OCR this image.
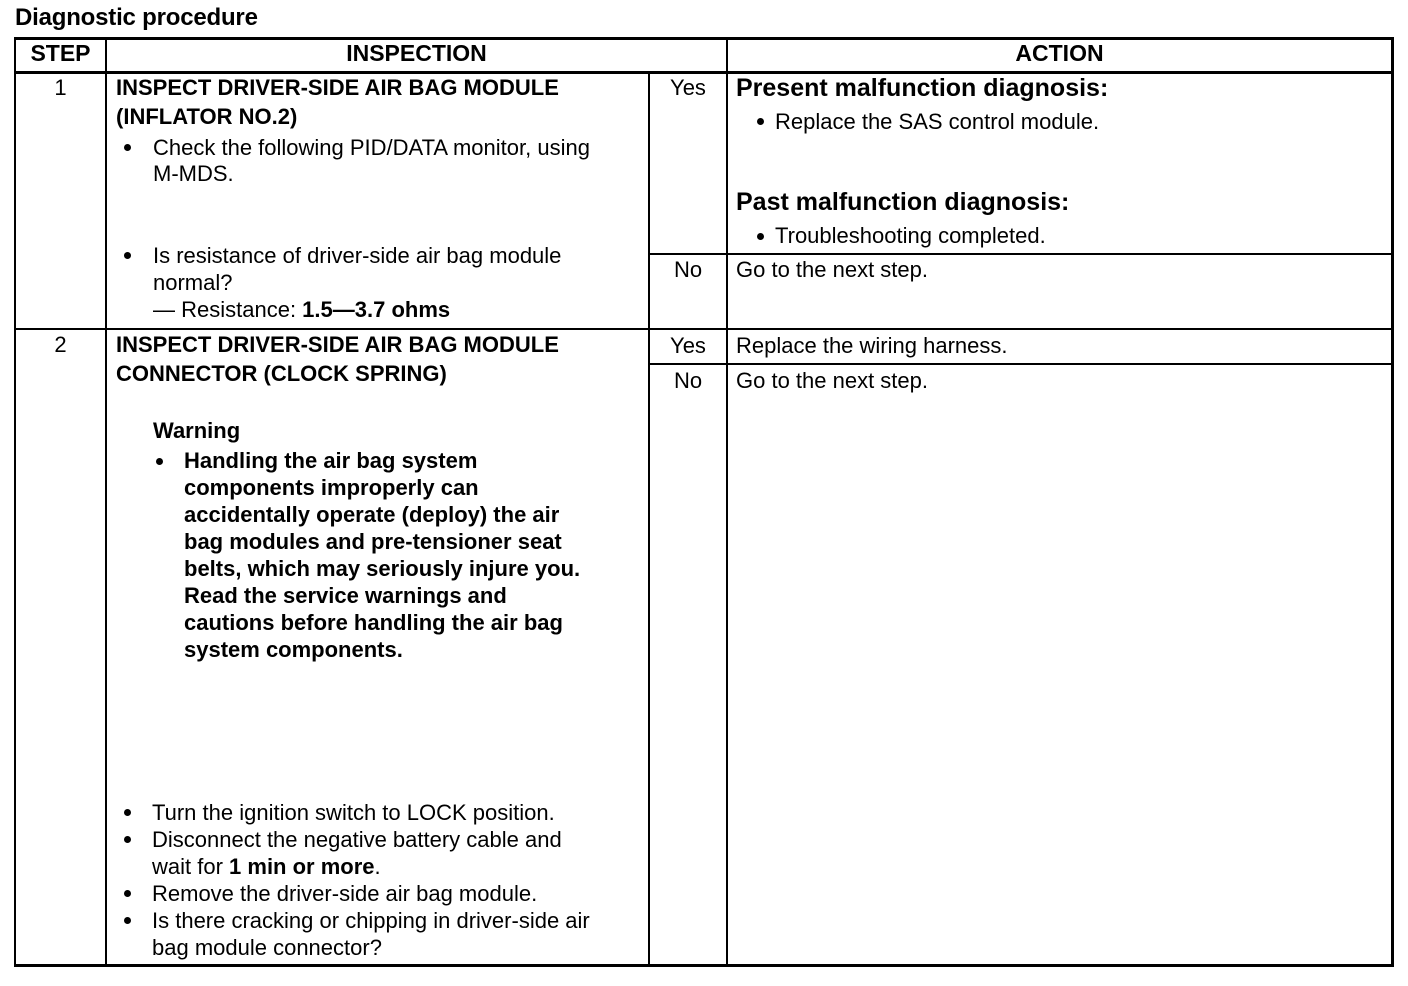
Diagnostic procedure
STEP	INSPECTION	ACTION
1	INSPECT DRIVER-SIDE AIR BAG MODULE
(INFLATOR NO.2)
Check the following PID/DATA monitor, using
M-MDS.
Is resistance of driver-side air bag module
normal?
— Resistance: 1.5—3.7 ohms
Yes	Present malfunction diagnosis:
Replace the SAS control module.
Past malfunction diagnosis:
Troubleshooting completed.
No	Go to the next step.
2	INSPECT DRIVER-SIDE AIR BAG MODULE
CONNECTOR (CLOCK SPRING)
Warning
Handling the air bag system
components improperly can
accidentally operate (deploy) the air
bag modules and pre-tensioner seat
belts, which may seriously injure you.
Read the service warnings and
cautions before handling the air bag
system components.
Turn the ignition switch to LOCK position.
Disconnect the negative battery cable and
wait for 1 min or more.
Remove the driver-side air bag module.
Is there cracking or chipping in driver-side air
bag module connector?
Yes	Replace the wiring harness.
No	Go to the next step.
